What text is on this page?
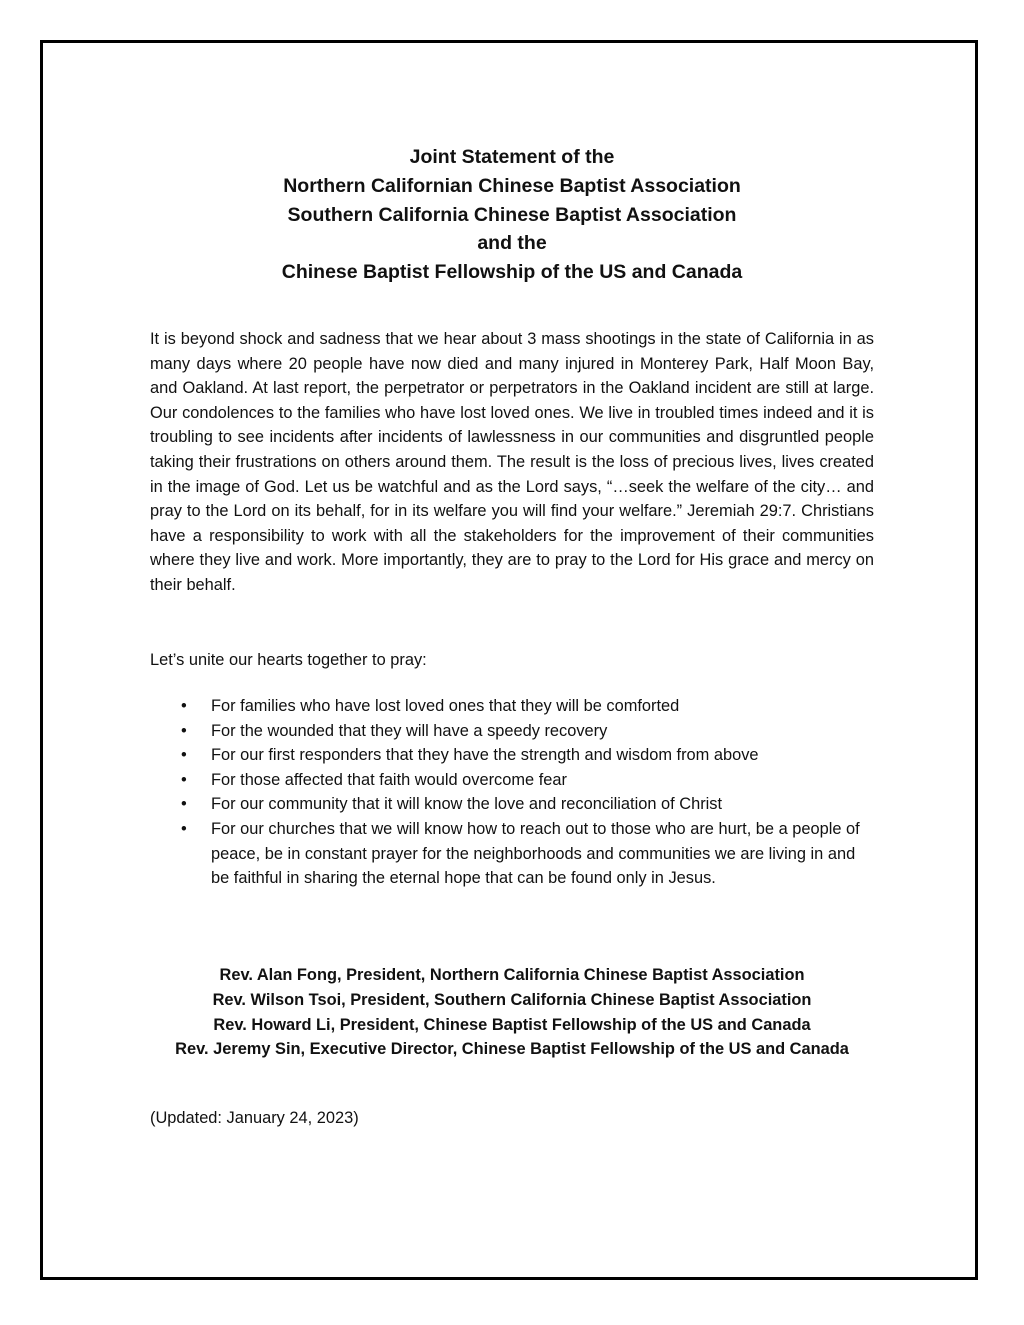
Joint Statement of the
Northern Californian Chinese Baptist Association
Southern California Chinese Baptist Association
and the
Chinese Baptist Fellowship of the US and Canada

It is beyond shock and sadness that we hear about 3 mass shootings in the state of California in as many days where 20 people have now died and many injured in Monterey Park, Half Moon Bay, and Oakland. At last report, the perpetrator or perpetrators in the Oakland incident are still at large. Our condolences to the families who have lost loved ones. We live in troubled times indeed and it is troubling to see incidents after incidents of lawlessness in our communities and disgruntled people taking their frustrations on others around them. The result is the loss of precious lives, lives created in the image of God. Let us be watchful and as the Lord says, “…seek the welfare of the city… and pray to the Lord on its behalf, for in its welfare you will find your welfare.” Jeremiah 29:7. Christians have a responsibility to work with all the stakeholders for the improvement of their communities where they live and work. More importantly, they are to pray to the Lord for His grace and mercy on their behalf.

Let’s unite our hearts together to pray:

• For families who have lost loved ones that they will be comforted
• For the wounded that they will have a speedy recovery
• For our first responders that they have the strength and wisdom from above
• For those affected that faith would overcome fear
• For our community that it will know the love and reconciliation of Christ
• For our churches that we will know how to reach out to those who are hurt, be a people of peace, be in constant prayer for the neighborhoods and communities we are living in and be faithful in sharing the eternal hope that can be found only in Jesus.
Rev. Alan Fong, President, Northern California Chinese Baptist Association
Rev. Wilson Tsoi, President, Southern California Chinese Baptist Association
Rev. Howard Li, President, Chinese Baptist Fellowship of the US and Canada
Rev. Jeremy Sin, Executive Director, Chinese Baptist Fellowship of the US and Canada

(Updated: January 24, 2023)
